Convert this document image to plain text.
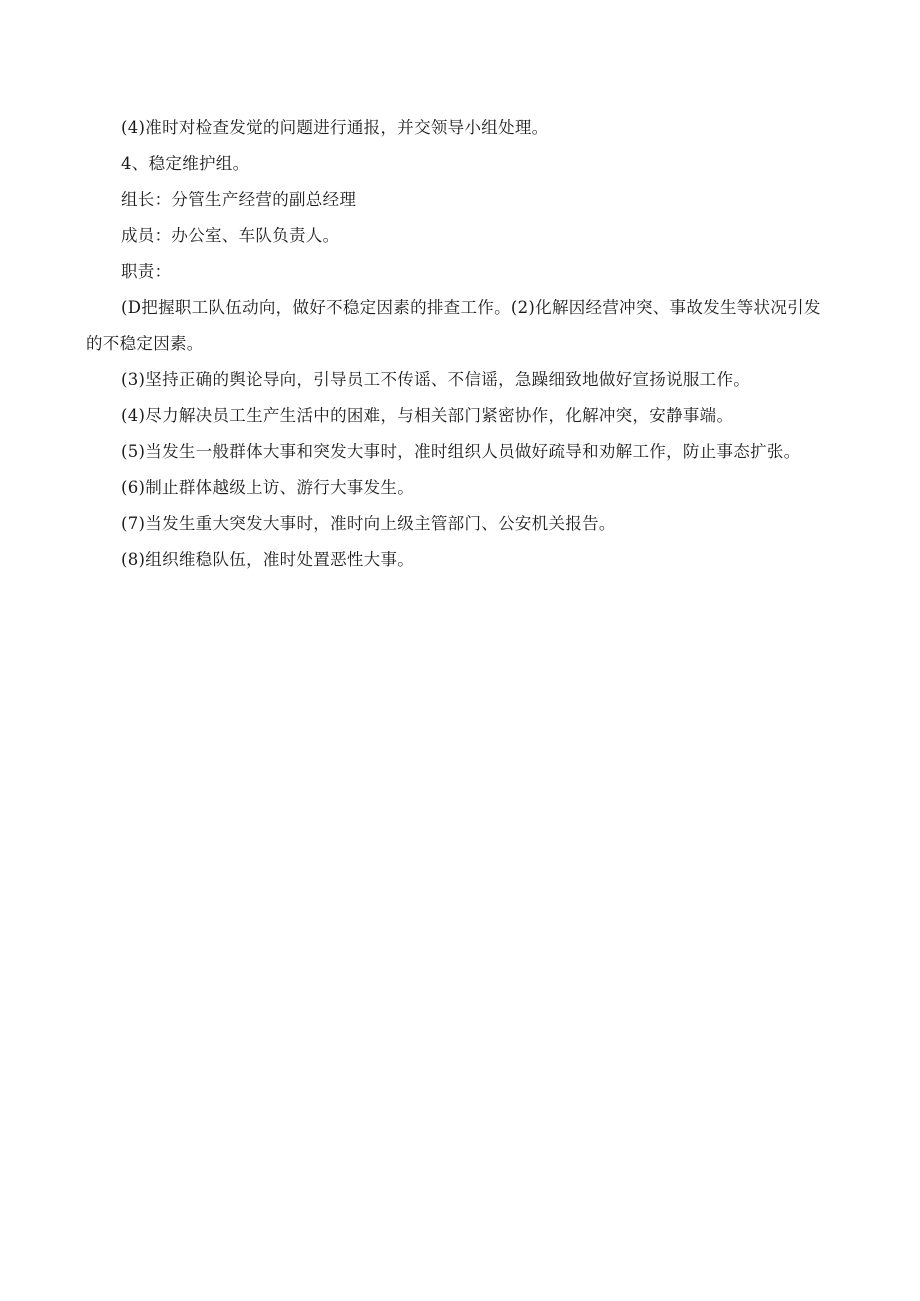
(4)准时对检查发觉的问题进行通报，并交领导小组处理。

4、稳定维护组。

组长：分管生产经营的副总经理

成员：办公室、车队负责人。

职责：

(D把握职工队伍动向，做好不稳定因素的排查工作。(2)化解因经营冲突、事故发生等状况引发的不稳定因素。

(3)坚持正确的舆论导向，引导员工不传谣、不信谣，急躁细致地做好宣扬说服工作。

(4)尽力解决员工生产生活中的困难，与相关部门紧密协作，化解冲突，安静事端。

(5)当发生一般群体大事和突发大事时，准时组织人员做好疏导和劝解工作，防止事态扩张。

(6)制止群体越级上访、游行大事发生。

(7)当发生重大突发大事时，准时向上级主管部门、公安机关报告。

(8)组织维稳队伍，准时处置恶性大事。
